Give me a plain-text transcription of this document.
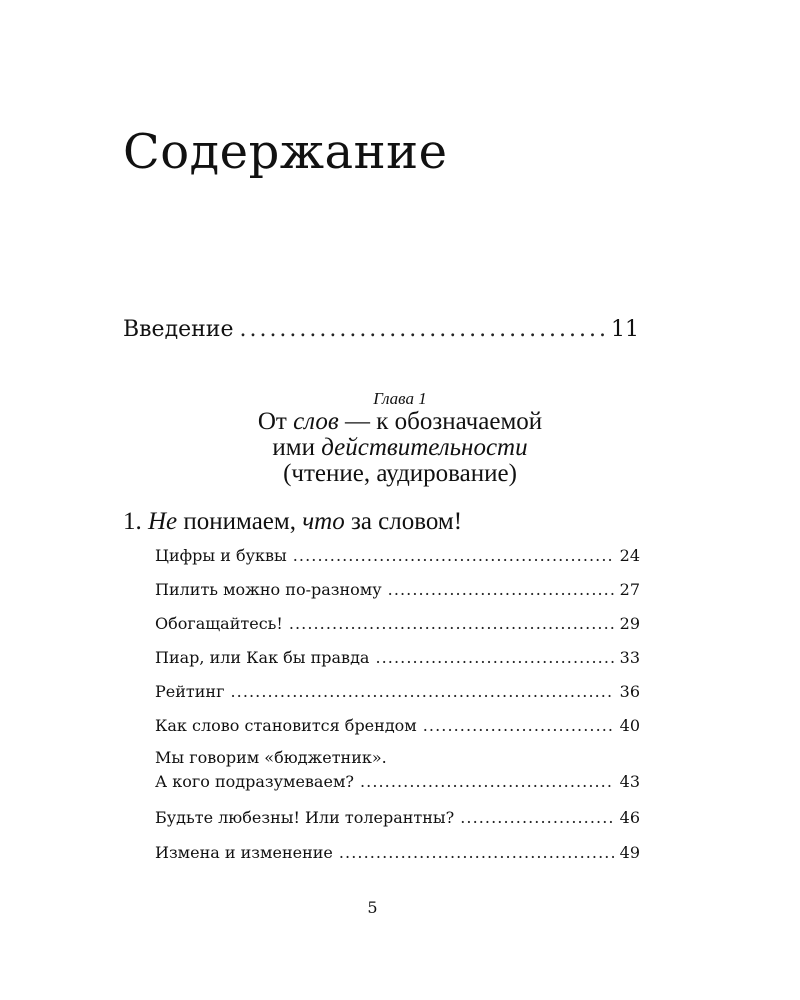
Содержание
Введение . . .	11
Глава 1
От слов — к обозначаемой
ими действительности
(чтение, аудирование)
1. Не понимаем, что за словом!
Цифры и буквы . . .	24
Пилить можно по-разному . . .	27
Обогащайтесь! . . .	29
Пиар, или Как бы правда . . .	33
Рейтинг . . .	36
Как слово становится брендом . . .	40
Мы говорим «бюджетник».
А кого подразумеваем? . . .	43
Будьте любезны! Или толерантны? . . .	46
Измена и изменение . . .	49
5
